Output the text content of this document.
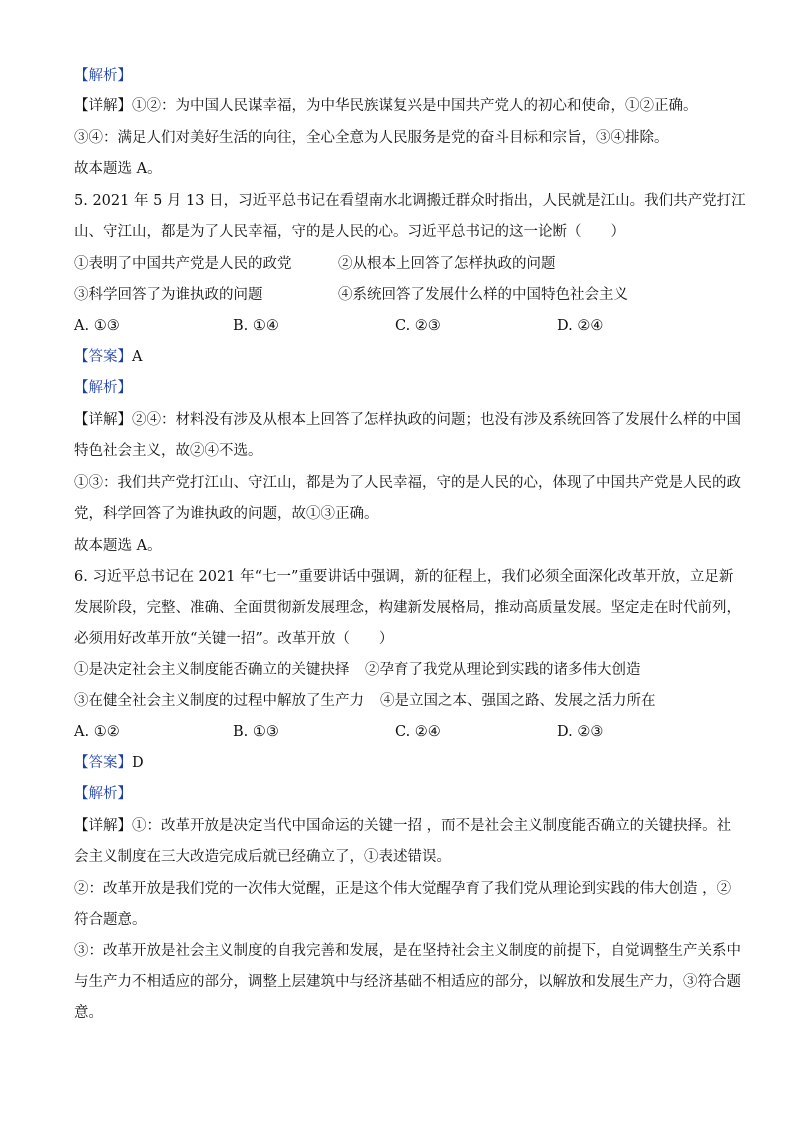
【解析】
【详解】①②：为中国人民谋幸福，为中华民族谋复兴是中国共产党人的初心和使命，①②正确。
③④：满足人们对美好生活的向往，全心全意为人民服务是党的奋斗目标和宗旨，③④排除。
故本题选 A。
5. 2021 年 5 月 13 日，习近平总书记在看望南水北调搬迁群众时指出，人民就是江山。我们共产党打江
山、守江山，都是为了人民幸福，守的是人民的心。习近平总书记的这一论断（　　）
①表明了中国共产党是人民的政党	②从根本上回答了怎样执政的问题
③科学回答了为谁执政的问题	④系统回答了发展什么样的中国特色社会主义
A. ①③	B. ①④	C. ②③	D. ②④
【答案】A
【解析】
【详解】②④：材料没有涉及从根本上回答了怎样执政的问题；也没有涉及系统回答了发展什么样的中国
特色社会主义，故②④不选。
①③：我们共产党打江山、守江山，都是为了人民幸福，守的是人民的心，体现了中国共产党是人民的政
党，科学回答了为谁执政的问题，故①③正确。
故本题选 A。
6. 习近平总书记在 2021 年“七一”重要讲话中强调，新的征程上，我们必须全面深化改革开放，立足新
发展阶段，完整、准确、全面贯彻新发展理念，构建新发展格局，推动高质量发展。坚定走在时代前列，
必须用好改革开放“关键一招”。改革开放（　　）
①是决定社会主义制度能否确立的关键抉择 ②孕育了我党从理论到实践的诸多伟大创造
③在健全社会主义制度的过程中解放了生产力 ④是立国之本、强国之路、发展之活力所在
A. ①②	B. ①③	C. ②④	D. ②③
【答案】D
【解析】
【详解】①：改革开放是决定当代中国命运的关键一招 ，而不是社会主义制度能否确立的关键抉择。社
会主义制度在三大改造完成后就已经确立了，①表述错误。
②：改革开放是我们党的一次伟大觉醒，正是这个伟大觉醒孕育了我们党从理论到实践的伟大创造 ，②
符合题意。
③：改革开放是社会主义制度的自我完善和发展，是在坚持社会主义制度的前提下，自觉调整生产关系中
与生产力不相适应的部分，调整上层建筑中与经济基础不相适应的部分，以解放和发展生产力，③符合题
意。
